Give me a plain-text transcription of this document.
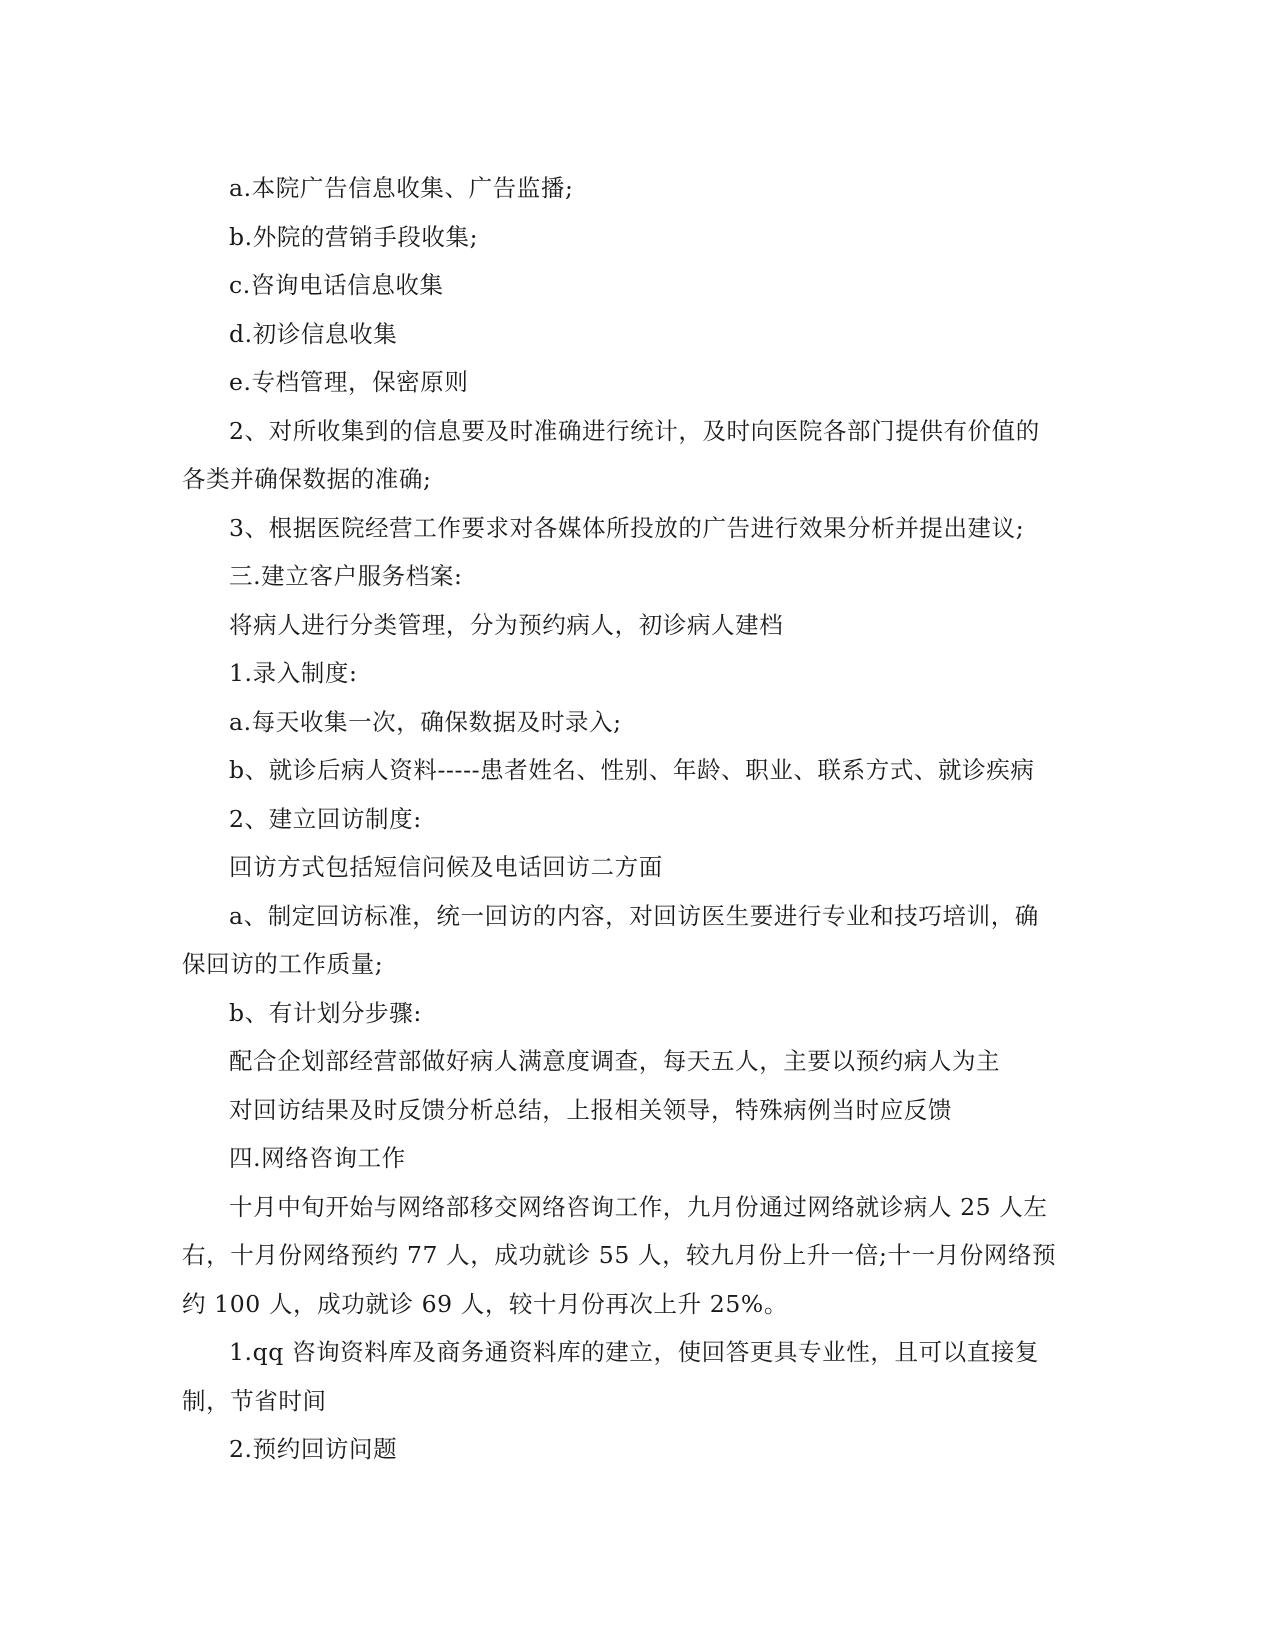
a.本院广告信息收集、广告监播;

b.外院的营销手段收集;

c.咨询电话信息收集

d.初诊信息收集

e.专档管理，保密原则

2、对所收集到的信息要及时准确进行统计，及时向医院各部门提供有价值的各类并确保数据的准确;

3、根据医院经营工作要求对各媒体所投放的广告进行效果分析并提出建议;

三.建立客户服务档案:

将病人进行分类管理，分为预约病人，初诊病人建档

1.录入制度:

a.每天收集一次，确保数据及时录入;

b、就诊后病人资料-----患者姓名、性别、年龄、职业、联系方式、就诊疾病

2、建立回访制度:

回访方式包括短信问候及电话回访二方面

a、制定回访标准，统一回访的内容，对回访医生要进行专业和技巧培训，确保回访的工作质量;

b、有计划分步骤:

配合企划部经营部做好病人满意度调查，每天五人，主要以预约病人为主

对回访结果及时反馈分析总结，上报相关领导，特殊病例当时应反馈

四.网络咨询工作

十月中旬开始与网络部移交网络咨询工作，九月份通过网络就诊病人 25 人左右，十月份网络预约 77 人，成功就诊 55 人，较九月份上升一倍;十一月份网络预约 100 人，成功就诊 69 人，较十月份再次上升 25%。

1.qq 咨询资料库及商务通资料库的建立，使回答更具专业性，且可以直接复制，节省时间

2.预约回访问题
